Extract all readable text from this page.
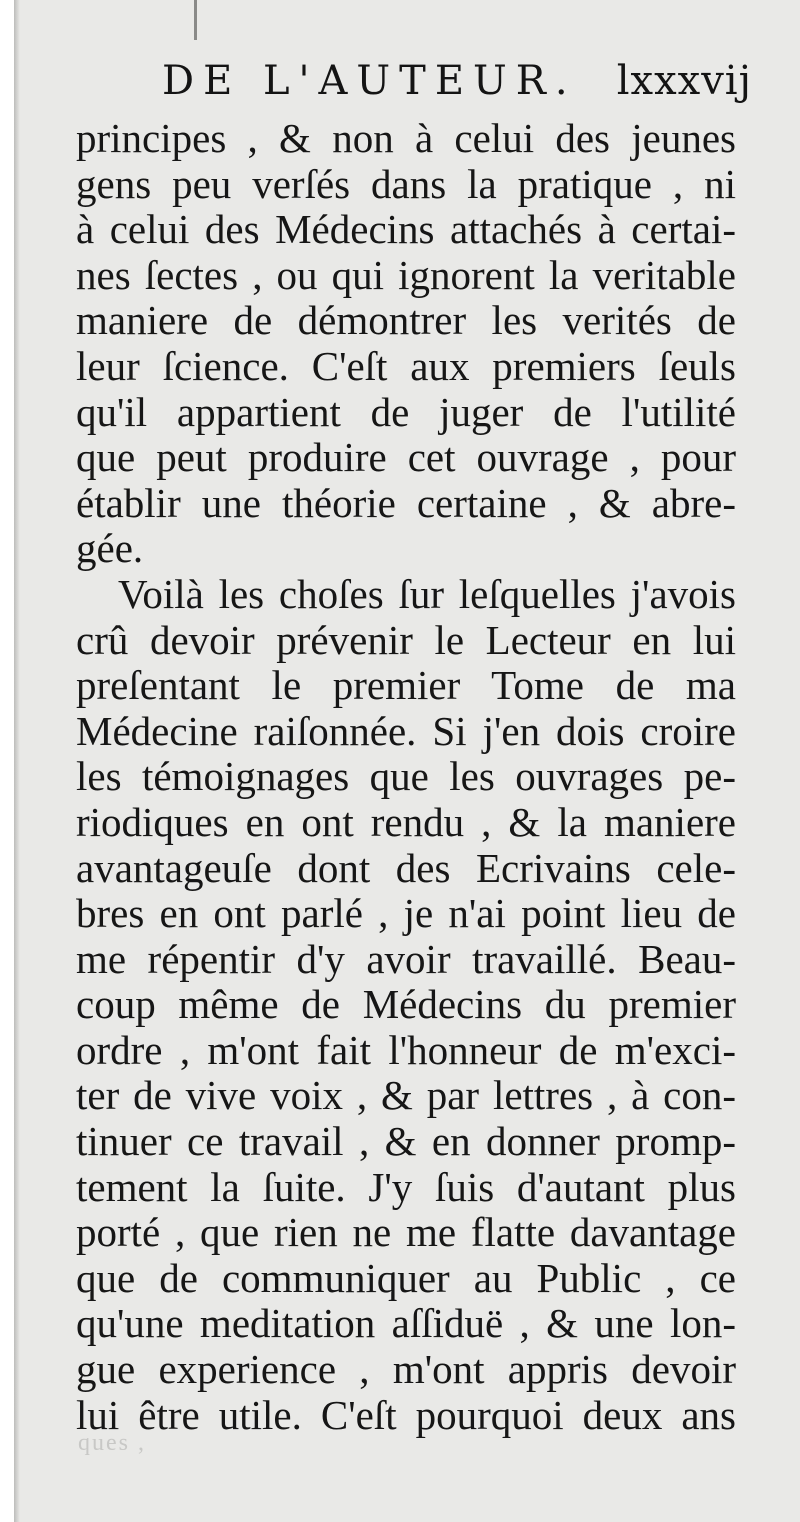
DE L'AUTEUR. lxxxvij
principes , & non à celui des jeunes
gens peu verſés dans la pratique , ni
à celui des Médecins attachés à certai-
nes ſectes , ou qui ignorent la veritable
maniere de démontrer les verités de
leur ſcience. C'eſt aux premiers ſeuls
qu'il appartient de juger de l'utilité
que peut produire cet ouvrage , pour
établir une théorie certaine , & abre-
gée.
Voilà les choſes ſur leſquelles j'avois
crû devoir prévenir le Lecteur en lui
preſentant le premier Tome de ma
Médecine raiſonnée. Si j'en dois croire
les témoignages que les ouvrages pe-
riodiques en ont rendu , & la maniere
avantageuſe dont des Ecrivains cele-
bres en ont parlé , je n'ai point lieu de
me répentir d'y avoir travaillé. Beau-
coup même de Médecins du premier
ordre , m'ont fait l'honneur de m'exci-
ter de vive voix , & par lettres , à con-
tinuer ce travail , & en donner promp-
tement la ſuite. J'y ſuis d'autant plus
porté , que rien ne me flatte davantage
que de communiquer au Public , ce
qu'une meditation aſſiduë , & une lon-
gue experience , m'ont appris devoir
lui être utile. C'eſt pourquoi deux ans
ques ,
